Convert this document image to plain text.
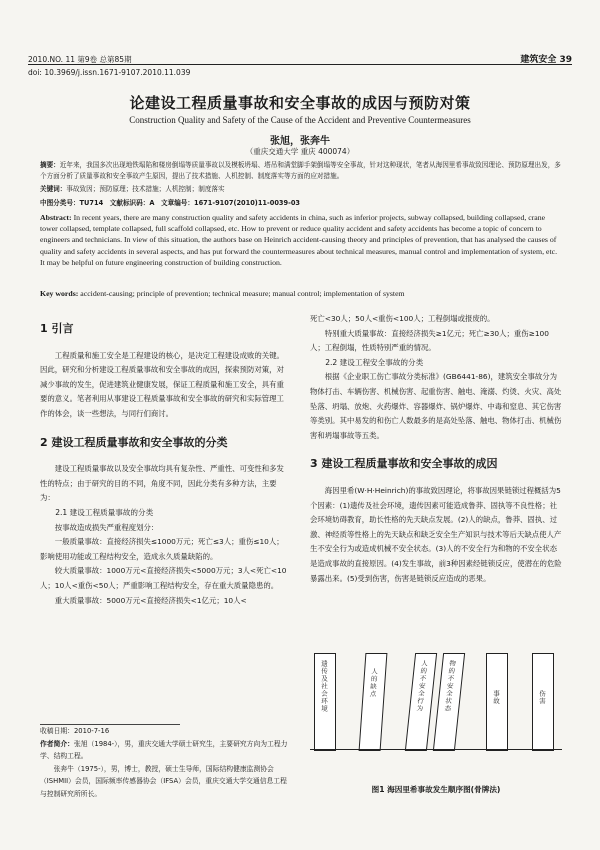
2010.NO. 11 第9卷 总第85期	建筑安全 39
doi: 10.3969/j.issn.1671-9107.2010.11.039
论建设工程质量事故和安全事故的成因与预防对策
Construction Quality and Safety of the Cause of the Accident and Preventive Countermeasures
张旭，张奔牛
（重庆交通大学 重庆 400074）
摘要：近年来，我国多次出现地铁塌陷和楼房倒塌等质量事故以及模板坍塌、塔吊和满堂脚手架倒塌等安全事故，针对这种现状，笔者从海因里希事故致因理论、预防原理出发，多个方面分析了质量事故和安全事故产生原因，提出了技术措施、人机控制、制度落实等方面的应对措施。
关键词：事故致因；预防原理；技术措施；人机控制；制度落实
中图分类号：TU714　文献标识码：A　文章编号：1671-9107(2010)11-0039-03
Abstract: In recent years, there are many construction quality and safety accidents in china, such as inferior projects, subway collapsed, building collapsed, crane tower collapsed, template collapsed, full scaffold collapsed, etc. How to prevent or reduce quality accident and safety accidents has become a topic of concern to engineers and technicians. In view of this situation, the authors base on Heinrich accident-causing theory and principles of prevention, that has analysed the causes of quality and safety accidents in several aspects, and has put forward the countermeasures about technical measures, manual control and implementation of system, etc. It may be helpful on future engineering construction of building construction.
Key words: accident-causing; principle of prevention; technical measure; manual control; implementation of system

1 引言

工程质量和施工安全是工程建设的核心，是决定工程建设成败的关键。因此，研究和分析建设工程质量事故和安全事故的成因，探索预防对策，对减少事故的发生，促进建筑业健康发展，保证工程质量和施工安全，具有重要的意义。笔者利用从事建设工程质量事故和安全事故的研究和实际管理工作的体会，谈一些想法，与同行们商讨。

2 建设工程质量事故和安全事故的分类

建设工程质量事故以及安全事故均具有复杂性、严重性、可变性和多发性的特点；由于研究的目的不同，角度不同，因此分类有多种方法，主要为：

2.1 建设工程质量事故的分类

按事故造成损失严重程度划分：

一般质量事故：直接经济损失≤1000万元；死亡≤3人；重伤≤10人；影响使用功能或工程结构安全，造成永久质量缺陷的。

较大质量事故：1000万元<直接经济损失<5000万元；3人<死亡<10人；10人<重伤<50人；严重影响工程结构安全，存在重大质量隐患的。

重大质量事故：5000万元<直接经济损失<1亿元；10人<

收稿日期：2010-7-16
作者简介：张旭（1984-），男，重庆交通大学硕士研究生，主要研究方向为工程力学、结构工程。
张奔牛（1975-），男，博士，教授，硕士生导师，国际结构健康监测协会（ISHMII）会员，国际频率传感器协会（IFSA）会员，重庆交通大学交通信息工程与控制研究所所长。

死亡<30人；50人<重伤<100人；工程倒塌或报废的。

特别重大质量事故：直接经济损失≥1亿元；死亡≥30人；重伤≥100人；工程倒塌，性质特别严重的情况。

2.2 建设工程安全事故的分类

根据《企业职工伤亡事故分类标准》(GB6441-86)，建筑安全事故分为物体打击、车辆伤害、机械伤害、起重伤害、触电、淹溺、灼烫、火灾、高处坠落、坍塌、放炮、火药爆炸、容器爆炸、锅炉爆炸、中毒和窒息、其它伤害等类别。其中易发的和伤亡人数最多的是高处坠落、触电、物体打击、机械伤害和坍塌事故等五类。

3 建设工程质量事故和安全事故的成因

海因里希(W·H·Heinrich)的事故致因理论，将事故因果链锁过程概括为5个因素：(1)遗传及社会环境，遗传因素可能造成鲁莽、固执等不良性格；社会环境妨碍教育，助长性格的先天缺点发展。(2)人的缺点，鲁莽、固执、过激、神经质等性格上的先天缺点和缺乏安全生产知识与技术等后天缺点使人产生不安全行为或造成机械不安全状态。(3)人的不安全行为和物的不安全状态是造成事故的直接原因。(4)发生事故，前3种因素经链锁反应，使潜在的危险暴露出来。(5)受到伤害，伤害是链锁反应造成的恶果。

遗传及社会环境	人的缺点	人的不安全行为 物的不安全状态	事故	伤害
图1 海因里希事故发生顺序图(骨牌法)
